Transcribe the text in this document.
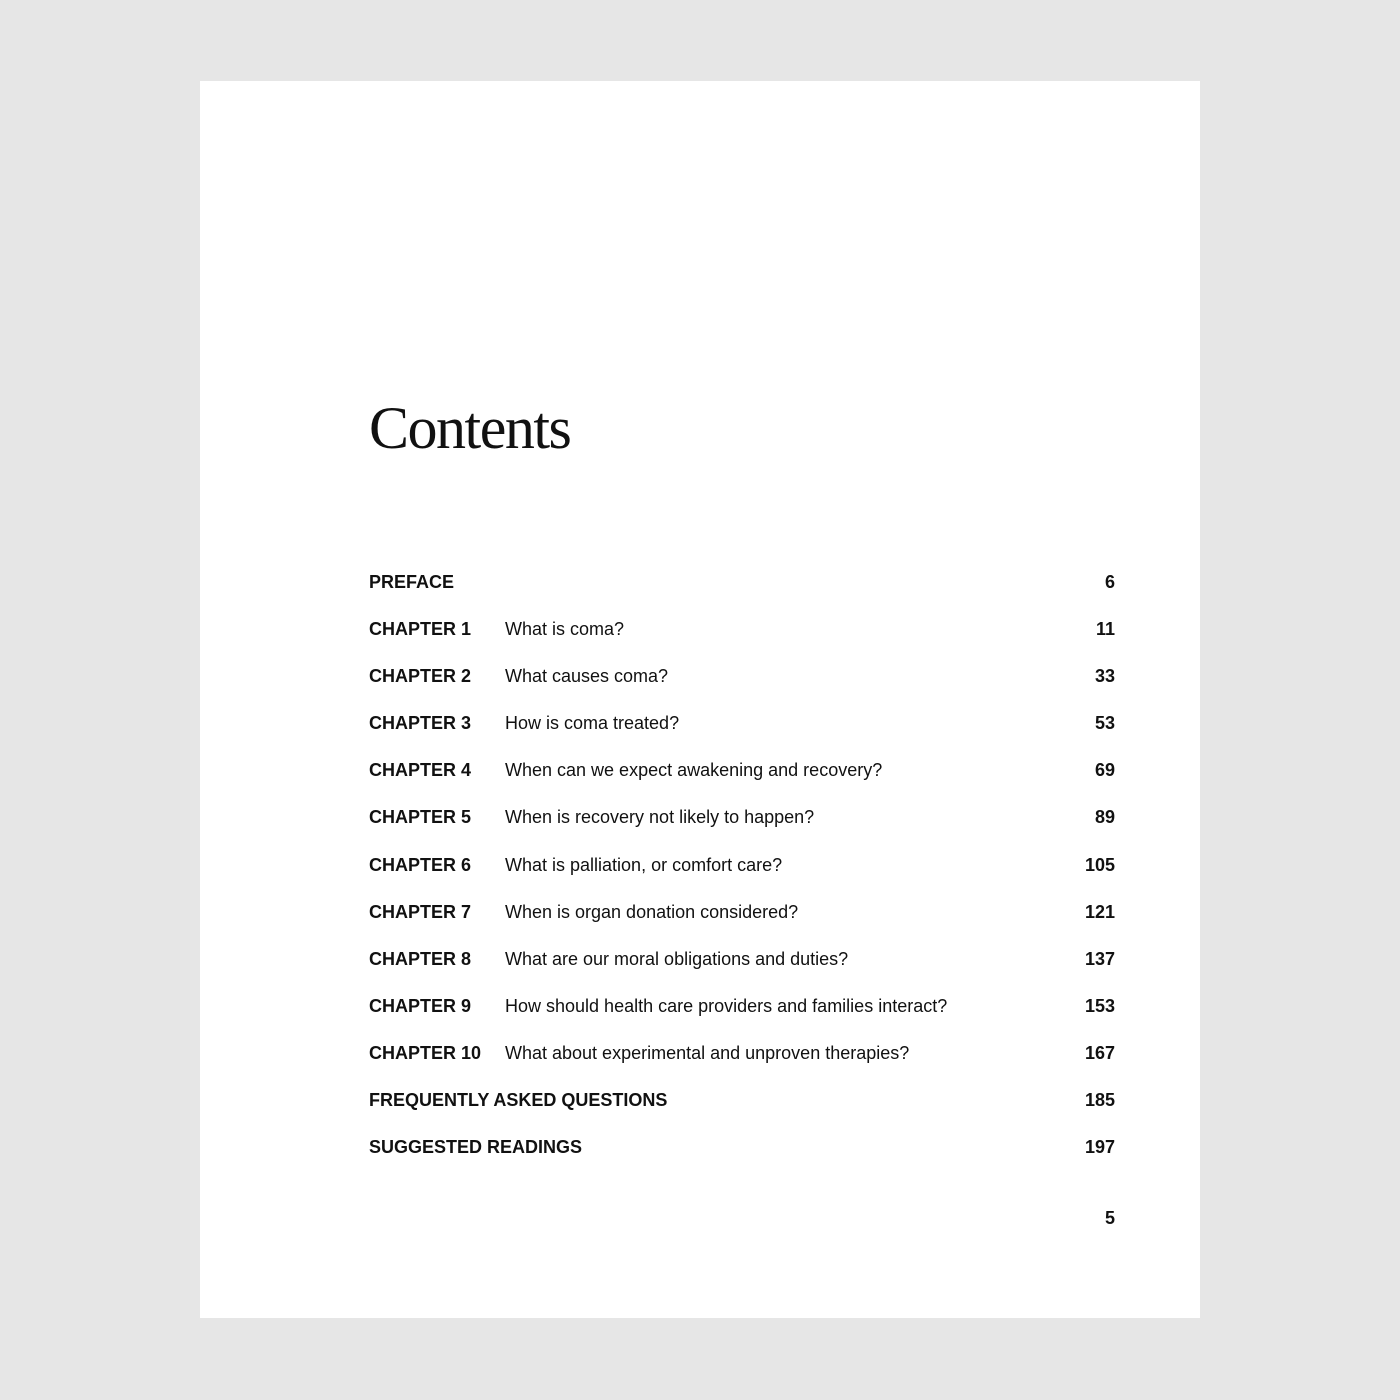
Contents
PREFACE	6
CHAPTER 1 What is coma?	11
CHAPTER 2 What causes coma?	33
CHAPTER 3 How is coma treated?	53
CHAPTER 4 When can we expect awakening and recovery?	69
CHAPTER 5 When is recovery not likely to happen?	89
CHAPTER 6 What is palliation, or comfort care?	105
CHAPTER 7 When is organ donation considered?	121
CHAPTER 8 What are our moral obligations and duties?	137
CHAPTER 9 How should health care providers and families interact?	153
CHAPTER 10 What about experimental and unproven therapies?	167
FREQUENTLY ASKED QUESTIONS	185
SUGGESTED READINGS	197
5
